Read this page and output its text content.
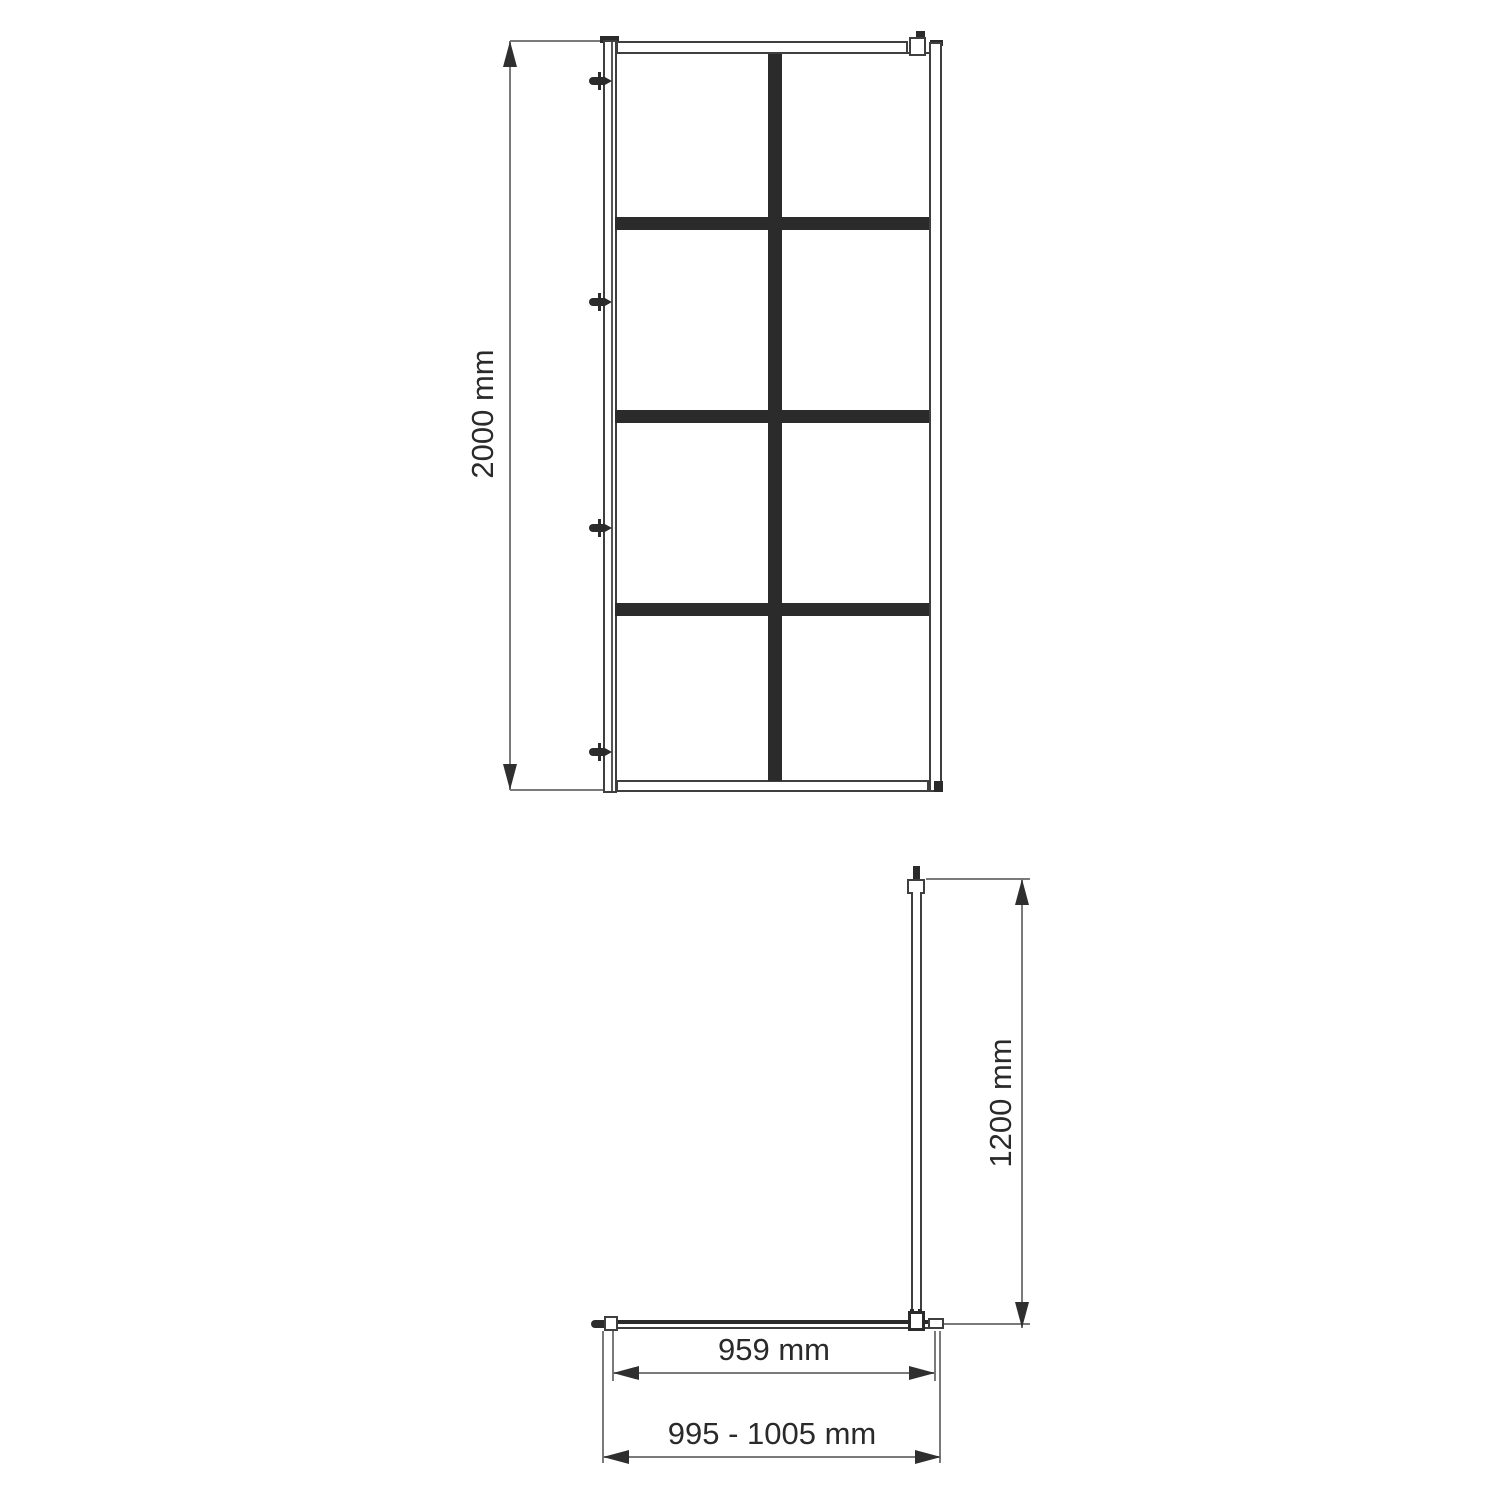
2000 mm
1200 mm
959 mm
995 - 1005 mm
